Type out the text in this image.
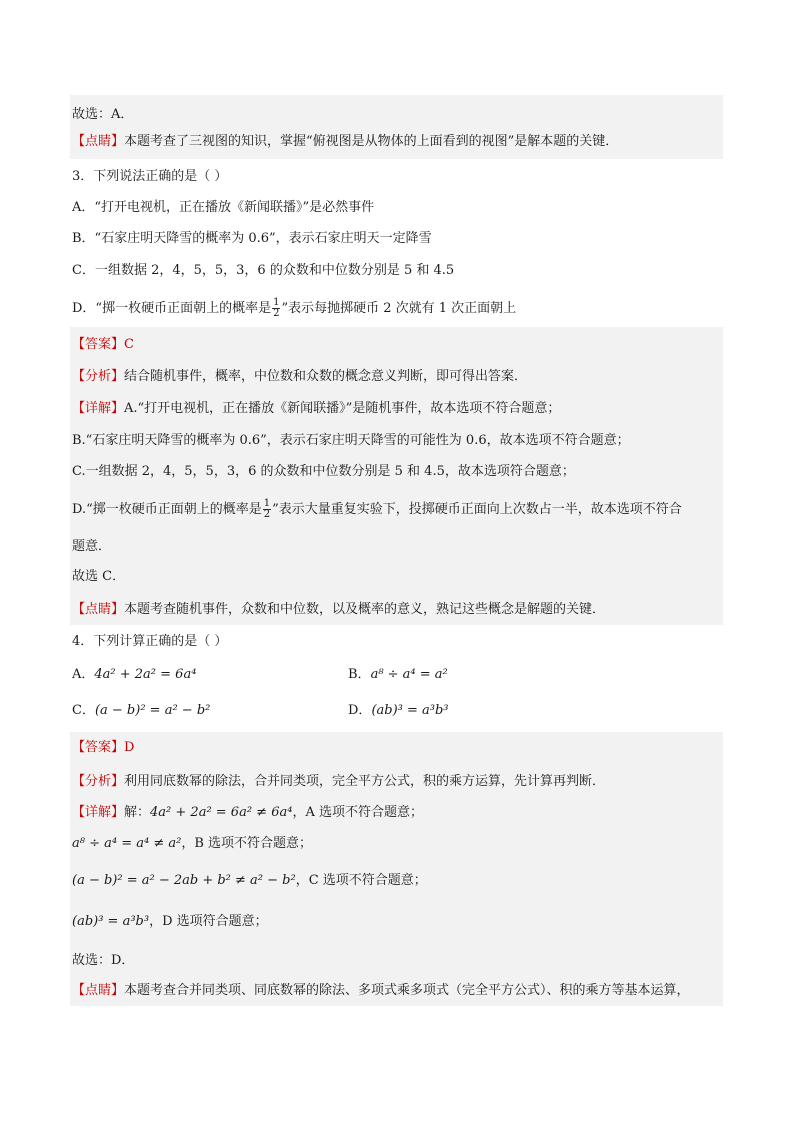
故选：A．
【点睛】本题考查了三视图的知识，掌握“俯视图是从物体的上面看到的视图”是解本题的关键．
3．下列说法正确的是（ ）
A．“打开电视机，正在播放《新闻联播》”是必然事件
B．“石家庄明天降雪的概率为 0.6”，表示石家庄明天一定降雪
C．一组数据 2，4，5，5，3，6 的众数和中位数分别是 5 和 4.5
D．“掷一枚硬币正面朝上的概率是 $\frac{1}{2}$ ”表示每抛掷硬币 2 次就有 1 次正面朝上
【答案】C
【分析】结合随机事件，概率，中位数和众数的概念意义判断，即可得出答案．
【详解】A.“打开电视机，正在播放《新闻联播》”是随机事件，故本选项不符合题意；
B.“石家庄明天降雪的概率为 0.6”，表示石家庄明天降雪的可能性为 0.6，故本选项不符合题意；
C.一组数据 2，4，5，5，3，6 的众数和中位数分别是 5 和 4.5，故本选项符合题意；
D.“掷一枚硬币正面朝上的概率是 $\frac{1}{2}$ ”表示大量重复实验下，投掷硬币正面向上次数占一半，故本选项不符合
题意．
故选 C．
【点睛】本题考查随机事件，众数和中位数，以及概率的意义，熟记这些概念是解题的关键．
4．下列计算正确的是（ ）
A．4a² + 2a² = 6a⁴	B．a⁸ ÷ a⁴ = a²
C．(a − b)² = a² − b²	D．(ab)³ = a³b³
【答案】D
【分析】利用同底数幂的除法，合并同类项，完全平方公式，积的乘方运算，先计算再判断．
【详解】解：4a² + 2a² = 6a² ≠ 6a⁴，A 选项不符合题意；
a⁸ ÷ a⁴ = a⁴ ≠ a²，B 选项不符合题意；
(a − b)² = a² − 2ab + b² ≠ a² − b²，C 选项不符合题意；
(ab)³ = a³b³，D 选项符合题意；
故选：D．
【点睛】本题考查合并同类项、同底数幂的除法、多项式乘多项式（完全平方公式）、积的乘方等基本运算，
